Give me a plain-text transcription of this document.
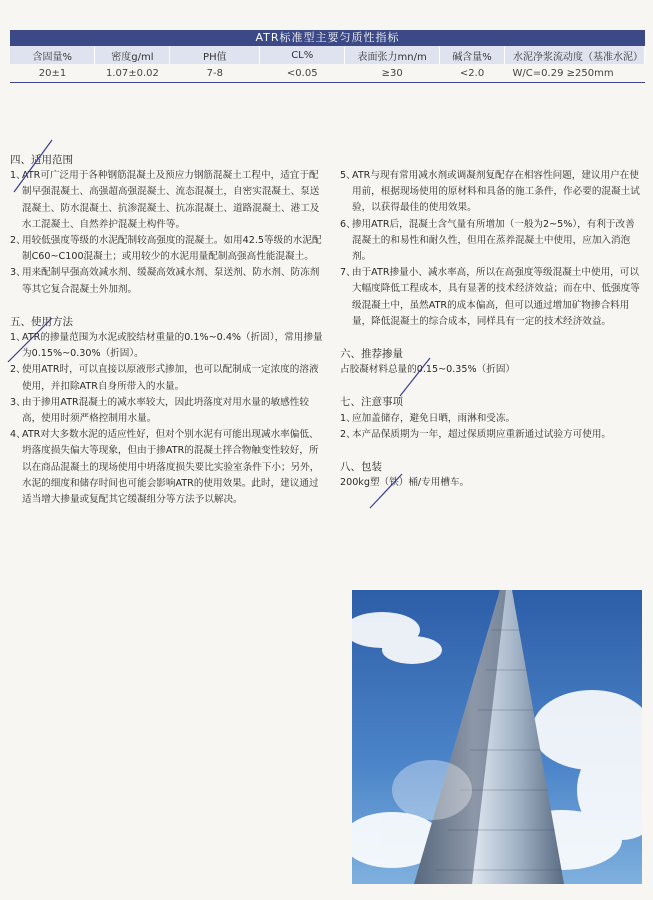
ATR标准型主要匀质性指标
含固量%	密度g/ml	PH值	CL%	表面张力mn/m	碱含量%	水泥净浆流动度（基准水泥）
20±1	1.07±0.02	7-8	<0.05	≥30	<2.0	W/C=0.29 ≥250mm

四、适用范围

1、
ATR可广泛用于各种钢筋混凝土及预应力钢筋混凝土工程中，适宜于配制早强混凝土、高强超高强混凝土、流态混凝土，自密实混凝土、泵送混凝土、防水混凝土、抗渗混凝土、抗冻混凝土、道路混凝土、港工及水工混凝土、自然养护混凝土构件等。
2、
用较低强度等级的水泥配制较高强度的混凝土。如用42.5等级的水泥配制C60~C100混凝土；或用较少的水泥用量配制高强高性能混凝土。
3、
用来配制早强高效减水剂、缓凝高效减水剂、泵送剂、防水剂、防冻剂等其它复合混凝土外加剂。

五、使用方法

1、
ATR的掺量范围为水泥或胶结材重量的0.1%~0.4%（折固），常用掺量为0.15%~0.30%（折固）。
2、
使用ATR时，可以直接以原液形式掺加，也可以配制成一定浓度的溶液使用，并扣除ATR自身所带入的水量。
3、
由于掺用ATR混凝土的减水率较大，因此坍落度对用水量的敏感性较高，使用时须严格控制用水量。
4、
ATR对大多数水泥的适应性好，但对个别水泥有可能出现减水率偏低、坍落度损失偏大等现象，但由于掺ATR的混凝土拌合物触变性较好，所以在商品混凝土的现场使用中坍落度损失要比实验室条件下小；另外，水泥的细度和储存时间也可能会影响ATR的使用效果。此时，建议通过适当增大掺量或复配其它缓凝组分等方法予以解决。
5、
ATR与现有常用减水剂或调凝剂复配存在相容性问题，建议用户在使用前，根据现场使用的原材料和具备的施工条件，作必要的混凝土试验，以获得最佳的使用效果。
6、
掺用ATR后，混凝土含气量有所增加（一般为2~5%），有利于改善混凝土的和易性和耐久性，但用在蒸养混凝土中使用，应加入消泡剂。
7、
由于ATR掺量小、减水率高，所以在高强度等级混凝土中使用，可以大幅度降低工程成本，具有显著的技术经济效益；而在中、低强度等级混凝土中，虽然ATR的成本偏高，但可以通过增加矿物掺合料用量，降低混凝土的综合成本，同样具有一定的技术经济效益。

六、推荐掺量

占胶凝材料总量的0.15~0.35%（折固）

七、注意事项

1、
应加盖储存，避免日晒，雨淋和受冻。
2、
本产品保质期为一年，超过保质期应重新通过试验方可使用。

八、包装

200kg塑（铁）桶/专用槽车。
